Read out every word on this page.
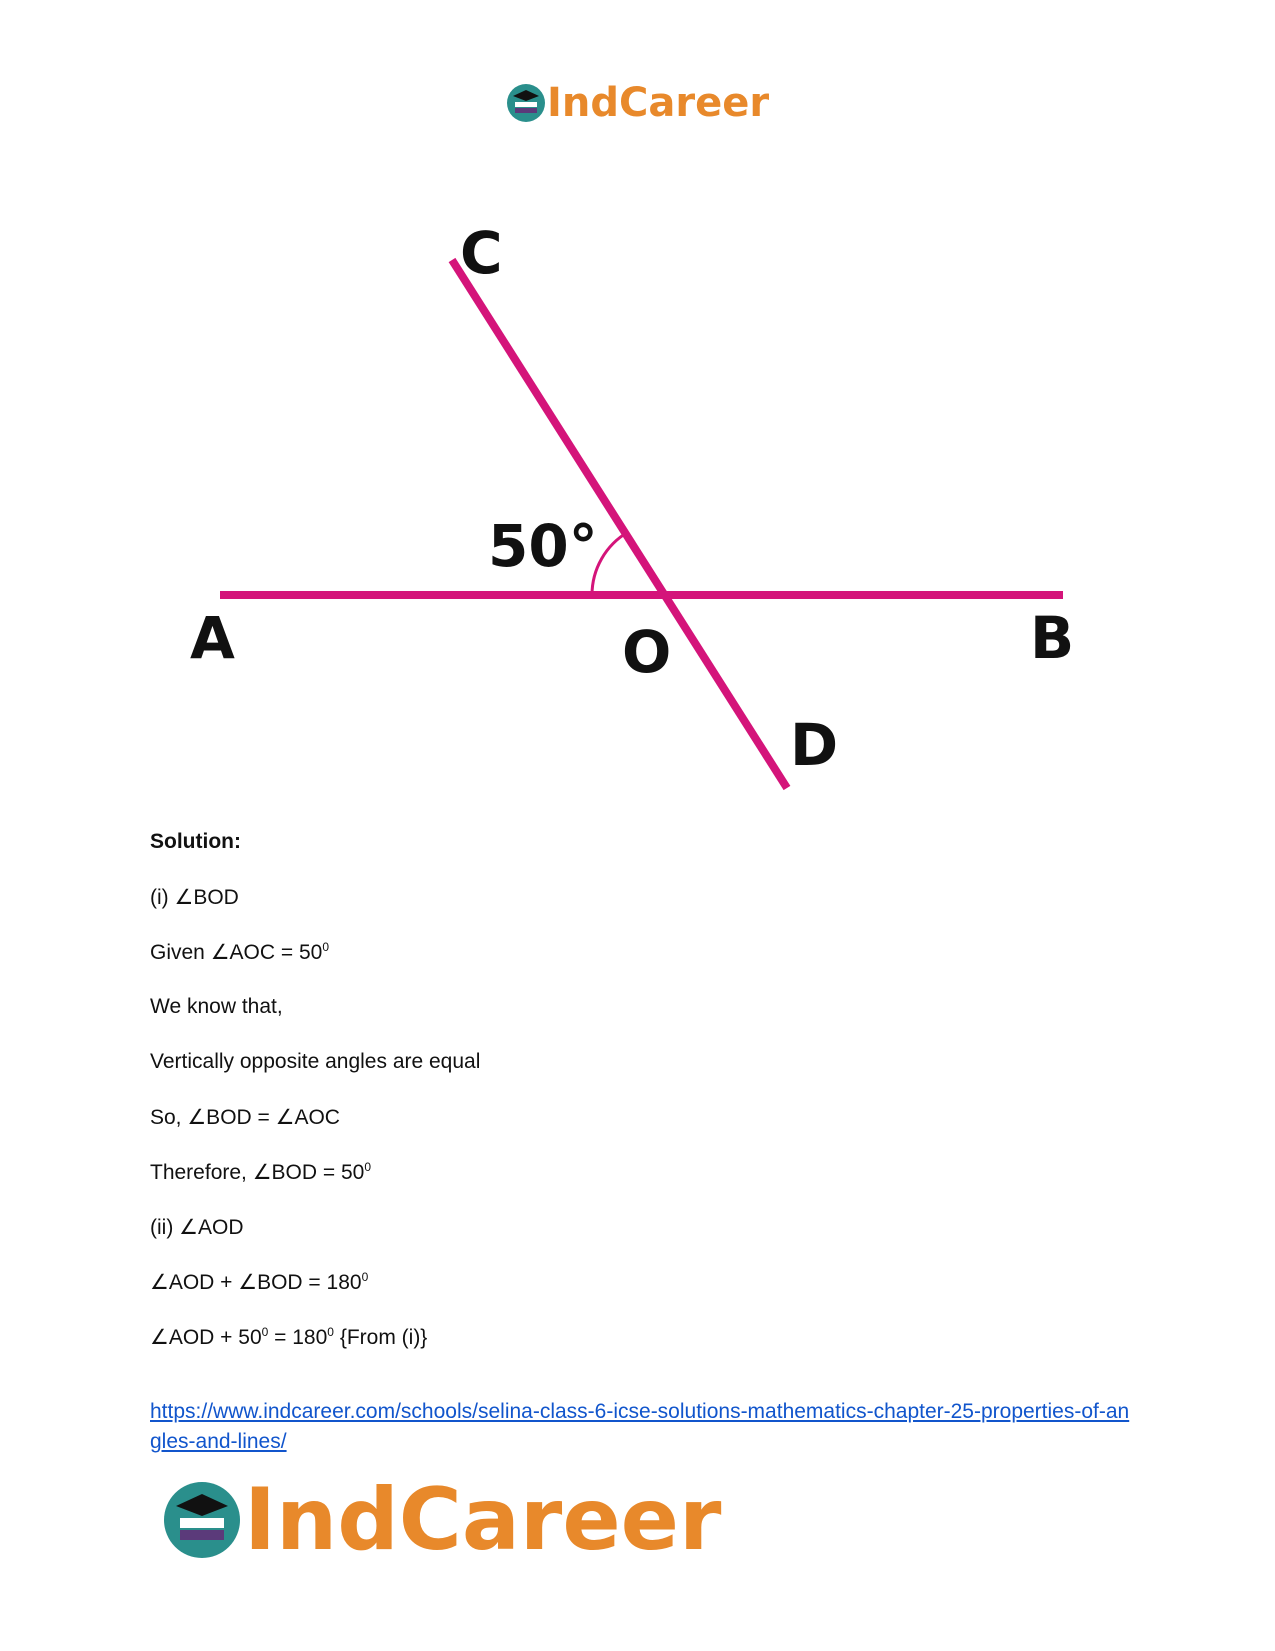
IndCareer
C
50°
A	O	B
D
Solution:
(i) ∠BOD
Given ∠AOC = $50^0$
We know that,
Vertically opposite angles are equal
So, ∠BOD = ∠AOC
Therefore, ∠BOD = $50^0$
(ii) ∠AOD
∠AOD + ∠BOD = $180^0$
∠AOD + $50^0 = 180^0$ {From (i)}
https://www.indcareer.com/schools/selina-class-6-icse-solutions-mathematics-chapter-25-properties-of-angles-and-lines/
IndCareer
